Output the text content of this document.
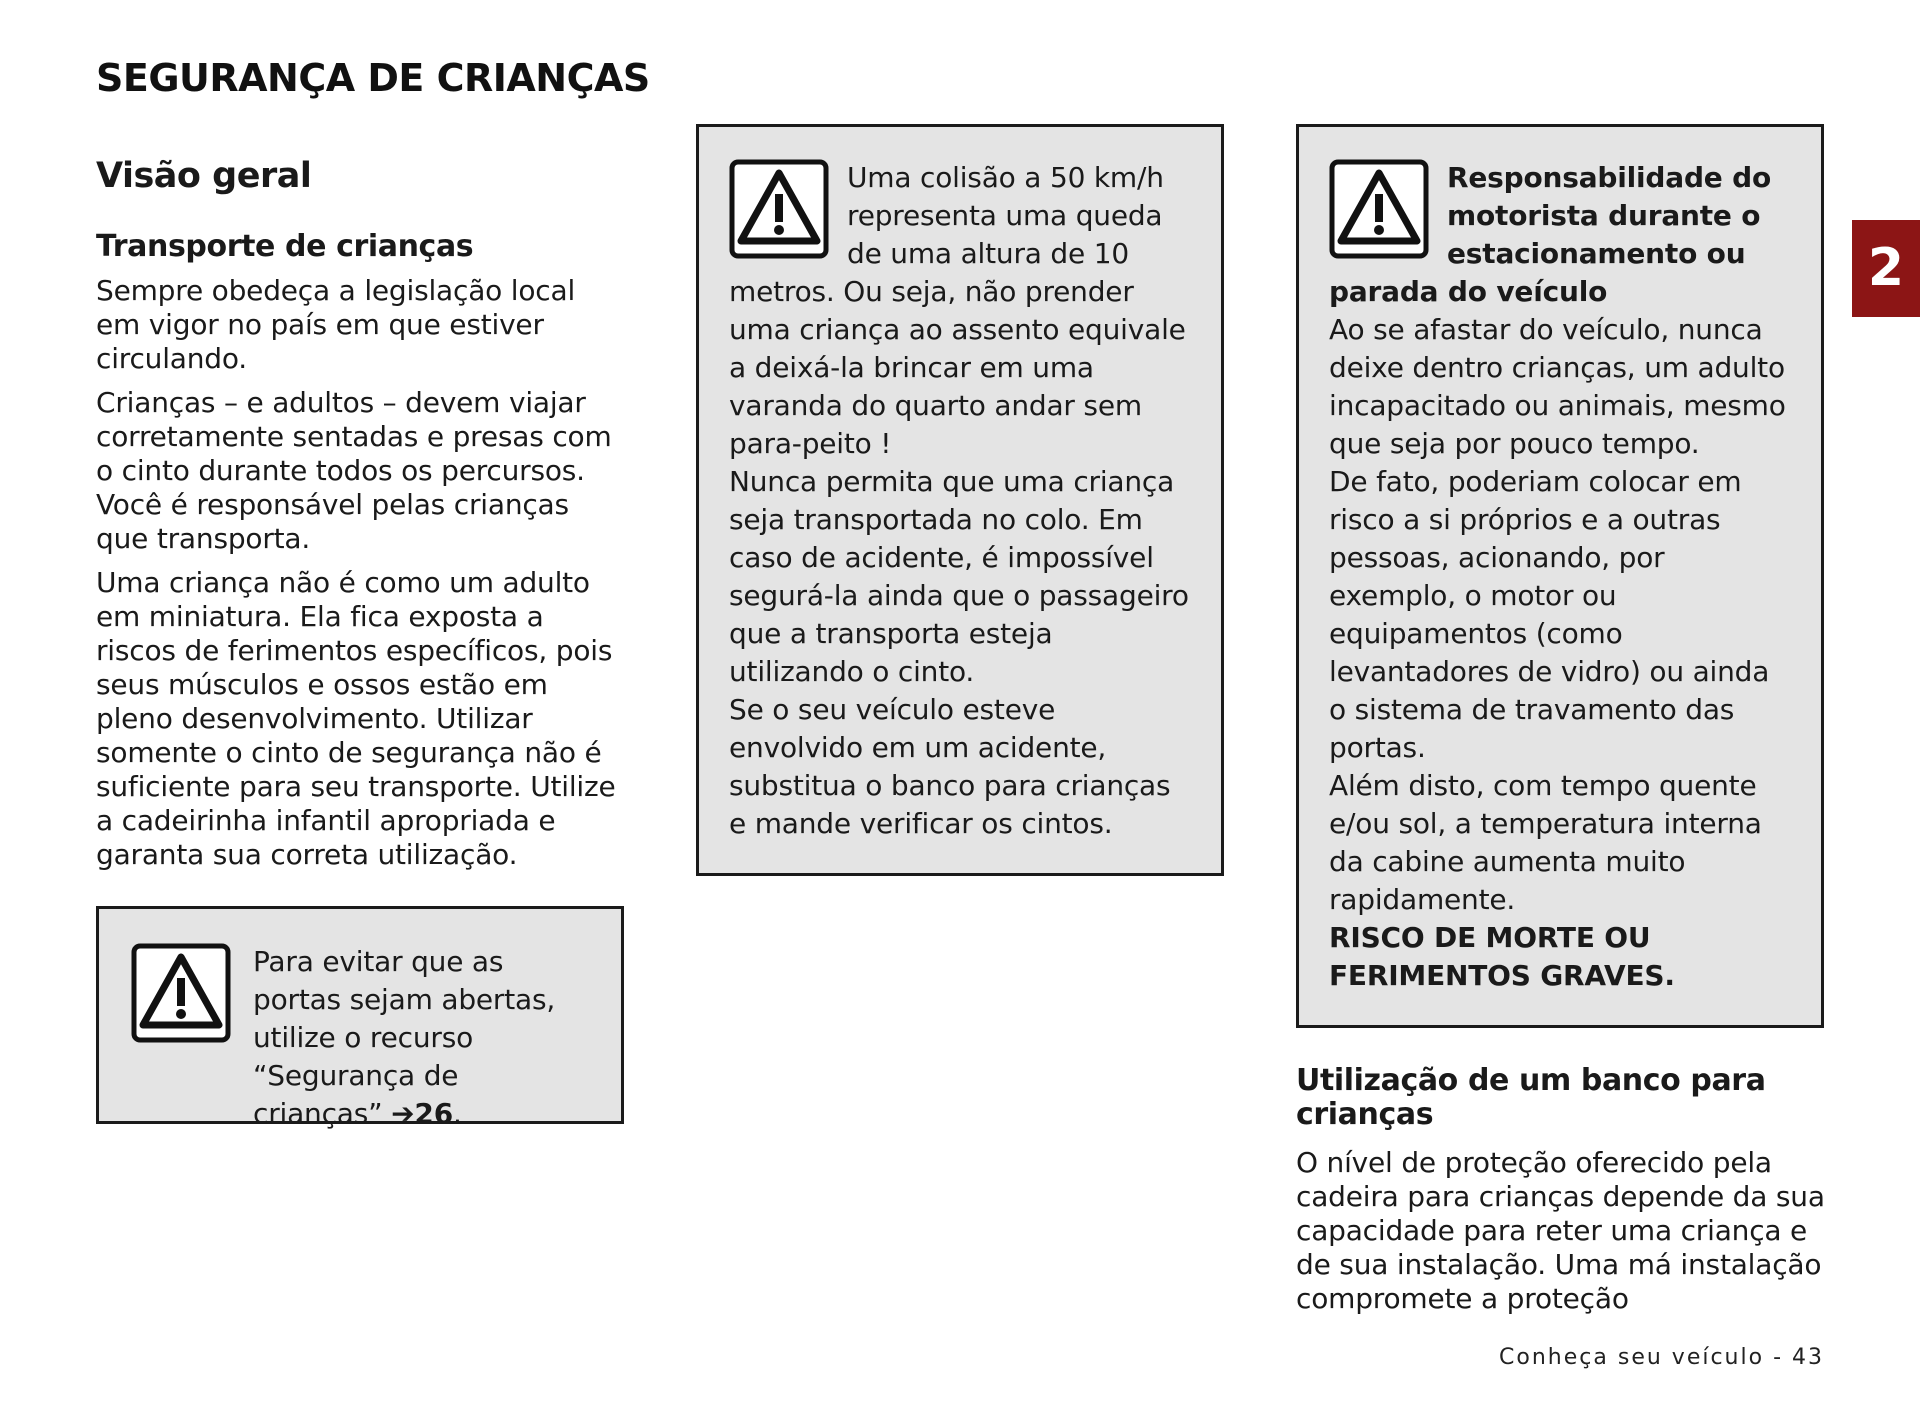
SEGURANÇA DE CRIANÇAS
Visão geral
Transporte de crianças

Sempre obedeça a legislação local em vigor no país em que estiver circulando.

Crianças – e adultos – devem viajar corretamente sentadas e presas com o cinto durante todos os percursos. Você é responsável pelas crianças que transporta.

Uma criança não é como um adulto em miniatura. Ela fica exposta a riscos de ferimentos específicos, pois seus músculos e ossos estão em pleno desenvolvimento. Utilizar somente o cinto de segurança não é suficiente para seu transporte. Utilize a cadeirinha infantil apropriada e garanta sua correta utilização.

Para evitar que as portas sejam abertas, utilize o recurso “Segurança de crianças” ➔26.

Uma colisão a 50 km/h representa uma queda de uma altura de 10 metros. Ou seja, não prender uma criança ao assento equivale a deixá-la brincar em uma varanda do quarto andar sem para-peito !

Nunca permita que uma criança seja transportada no colo. Em caso de acidente, é impossível segurá-la ainda que o passageiro que a transporta esteja utilizando o cinto.

Se o seu veículo esteve envolvido em um acidente, substitua o banco para crianças e mande verificar os cintos.

Responsabilidade do motorista durante o estacionamento ou parada do veículo

Ao se afastar do veículo, nunca deixe dentro crianças, um adulto incapacitado ou animais, mesmo que seja por pouco tempo.

De fato, poderiam colocar em risco a si próprios e a outras pessoas, acionando, por exemplo, o motor ou equipamentos (como levantadores de vidro) ou ainda o sistema de travamento das portas.

Além disto, com tempo quente e/ou sol, a temperatura interna da cabine aumenta muito rapidamente.

RISCO DE MORTE OU FERIMENTOS GRAVES.

Utilização de um banco para crianças

O nível de proteção oferecido pela cadeira para crianças depende da sua capacidade para reter uma criança e de sua instalação. Uma má instalação compromete a proteção

2
Conheça seu veículo - 43
